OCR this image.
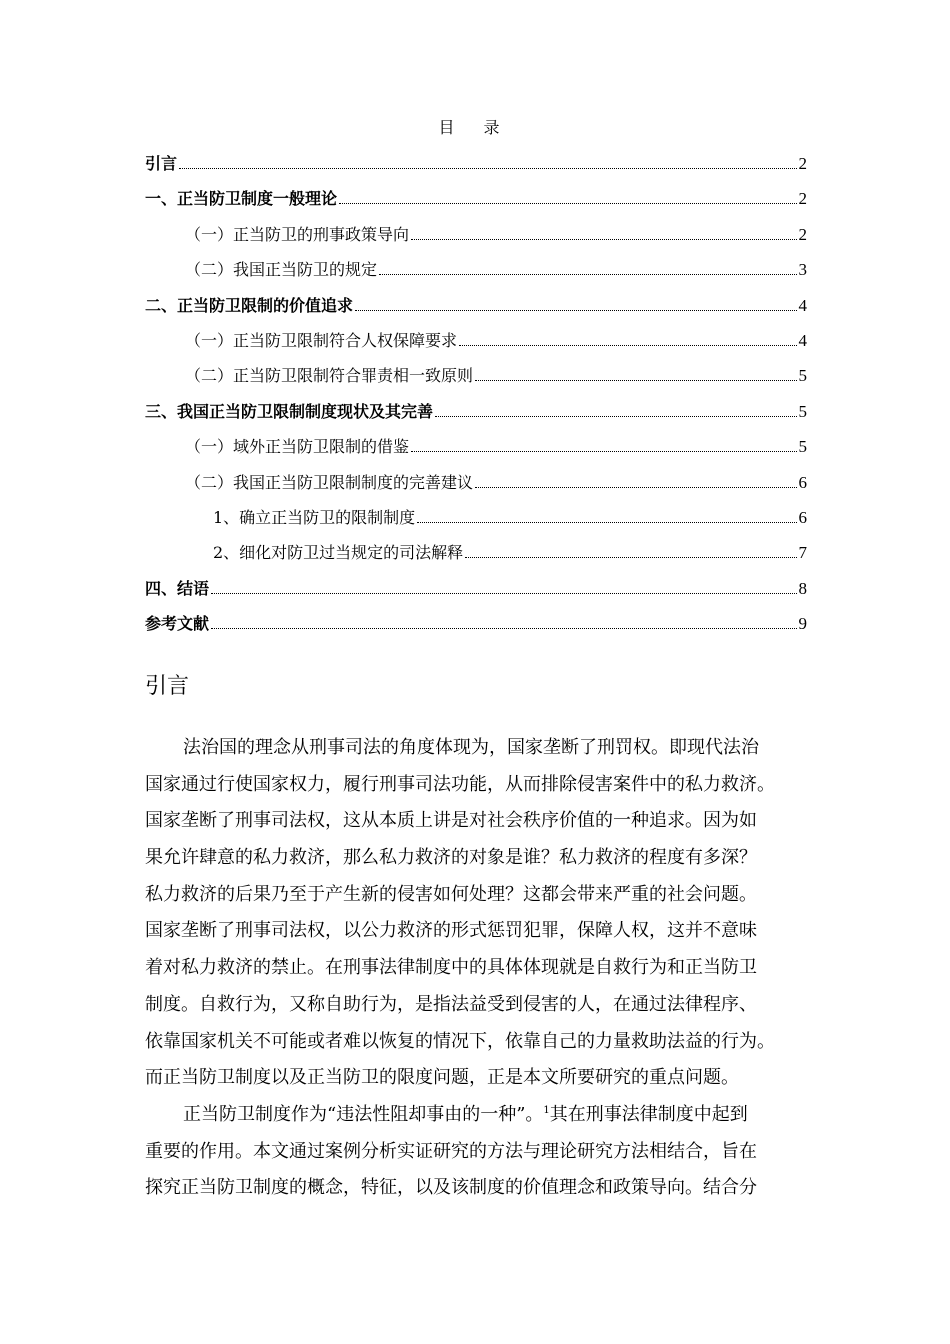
目 录
引言	2
一、正当防卫制度一般理论	2
（一）正当防卫的刑事政策导向	2
（二）我国正当防卫的规定	3
二、正当防卫限制的价值追求	4
（一）正当防卫限制符合人权保障要求	4
（二）正当防卫限制符合罪责相一致原则	5
三、我国正当防卫限制制度现状及其完善	5
（一）域外正当防卫限制的借鉴	5
（二）我国正当防卫限制制度的完善建议	6
1、确立正当防卫的限制制度	6
2、细化对防卫过当规定的司法解释	7
四、结语	8
参考文献	9
引言
法治国的理念从刑事司法的角度体现为，国家垄断了刑罚权。即现代法治
国家通过行使国家权力，履行刑事司法功能，从而排除侵害案件中的私力救济。
国家垄断了刑事司法权，这从本质上讲是对社会秩序价值的一种追求。因为如
果允许肆意的私力救济，那么私力救济的对象是谁？私力救济的程度有多深？
私力救济的后果乃至于产生新的侵害如何处理？这都会带来严重的社会问题。
国家垄断了刑事司法权，以公力救济的形式惩罚犯罪，保障人权，这并不意味
着对私力救济的禁止。在刑事法律制度中的具体体现就是自救行为和正当防卫
制度。自救行为，又称自助行为，是指法益受到侵害的人，在通过法律程序、
依靠国家机关不可能或者难以恢复的情况下，依靠自己的力量救助法益的行为。
而正当防卫制度以及正当防卫的限度问题，正是本文所要研究的重点问题。
正当防卫制度作为“违法性阻却事由的一种”。$^1$其在刑事法律制度中起到
重要的作用。本文通过案例分析实证研究的方法与理论研究方法相结合，旨在
探究正当防卫制度的概念，特征，以及该制度的价值理念和政策导向。结合分
